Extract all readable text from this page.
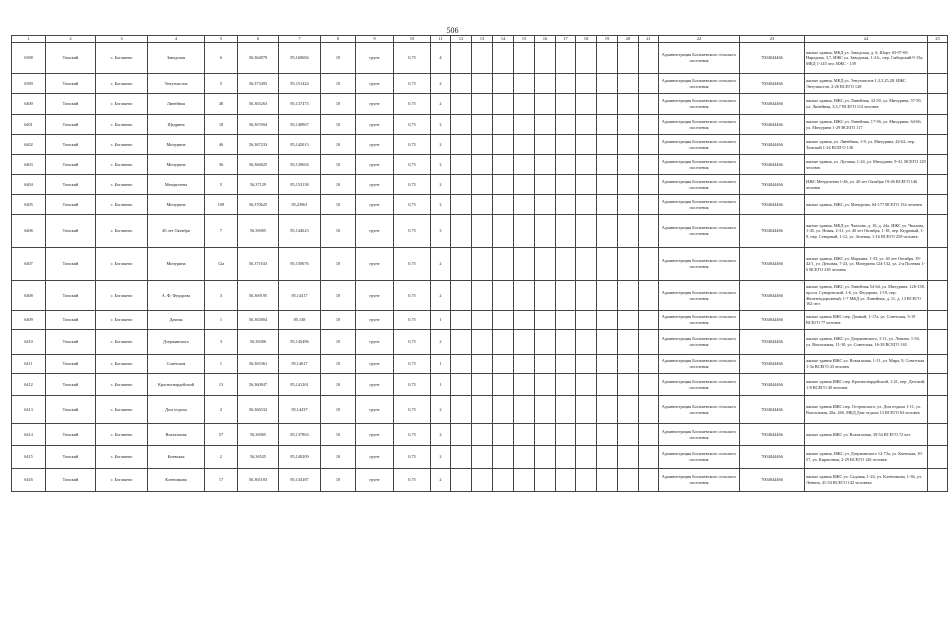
506
1	2	3	4	5	6	7	8	9	10	11	12	13	14	15	16	17	18	19	20	21	22	23	24	25
6398	Томский	с. Богашево	Заводская	6	56,364879	85,160684	10	грунт	0,75	4											Администрация Богашевского сельского поселения	7004044466	жилые здания, МКД ул. Заводская, д. 6, Шорт, 65-97-69. Народная, 3,7, ИЖС ул. Заводская, 1-21с, пер. Сибирский 9-15а, МКД 1-145 чел. ИЖС - 139	
6399	Томский	с. Богашево	Энтузиастов	5	56,373495	85,151424	10	грунт	0,75	2											Администрация Богашевского сельского поселения	7004044466	жилые здания, МКД ул. Энтузиастов 1,3,5,25,28. ИЖС Энтузиастов, 2-26 ВСЕГО 128	
6400	Томский	с. Богашево	Линейная	48	56,365263	85,137473	10	грунт	0,75	2											Администрация Богашевского сельского поселения	7004044466	жилые здания, ИЖС ул. Линейная, 32-50, ул. Мичурина, 57-59, ул. Линейная, 3,5,7 ВСЕГО 114 человек	
6401	Томский	с. Богашево	Щедрина	18	56,367694	85,148967	10	грунт	0,75	2											Администрация Богашевского сельского поселения	7004044466	жилые здания, ИЖС ул. Линейная, 17-56, ул. Мичурина, 64-66, ул. Мичурина 1-29 ВСЕГО 117	
6402	Томский	с. Богашево	Мичурина	46	56,367233	85,142013	10	грунт	0,75	2											Администрация Богашевского сельского поселения	7004044466	жилые здания, ул. Линейная, 1-9, ул. Мичурина, 42-62, пер. Томский 1-24 ВСЕГО 138	
6403	Томский	с. Богашево	Мичурина	36	56,366825	85,139604	10	грунт	0,75	2											Администрация Богашевского сельского поселения	7004044466	жилые здания, ул. Луговая, 1-24, ул. Мичурина, 9-41, ВСЕГО 129 человек	
6404	Томский	с. Богашево	Мендилеева	5	56,37129	85,153138	10	грунт	0,75	2											Администрация Богашевского сельского поселения	7004044466	ИЖС Менделеева 1-46, ул. 40 лет Октября 19-46 ВСЕГО 146 человек	
6405	Томский	с. Богашево	Мичурина	108	56,370625	85,23961	10	грунт	0,75	2											Администрация Богашевского сельского поселения	7004044466	жилые здания, ИЖС ул. Мичурина, 64-177 ВСЕГО 154 человек	
6406	Томский	с. Богашево	40 лет Октября	7	56,36905	85,144623	10	грунт	0,75	3											Администрация Богашевского сельского поселения	7004044466	жилые здания, МКД ул. Чкалова, д. 10, д. 24а, ИЖС ул. Чкалова, 1-45, ул. Новая, 2-31, ул. 40 лет Октября, 1-18, пер. Кедровый, 1-9, пер. Северный, 1-12, ул. Зеленая, 1-16 ВСЕГО 258 человек	
6407	Томский	с. Богашево	Мичурина	12а	56,371633	85,150676	10	грунт	0,75	2											Администрация Богашевского сельского поселения	7004044466	жилые здания, ИЖС ул. Марьина, 1-33, ул. 40 лет Октября, 39-42/1, ул. Деповая, 7-23, ул. Мичурина 124-132, ул. 2-я Полевая 1-6 ВСЕГО 238 человек	
6408	Томский	с. Богашево	А. Ф. Федорова	3	56,369195	85,14417	10	грунт	0,75	2											Администрация Богашевского сельского поселения	7004044466	жилые здания, ИЖС ул. Линейная 54-64, ул. Мичурина, 126-138, просп. Суворовский, 1-6, ул. Федорова, 1-19, пер. Железнодорожный, 1-7 МКД ул. Линейная, д. 11, д. 13 ВСЕГО 162 чел	
6409	Томский	с. Богашево	Дачная	1	56,365804	85,148	10	грунт	0,75	1											Администрация Богашевского сельского поселения	7004044466	жилые здания ИЖС пер. Дачный, 1-17а, ул. Советская, 3-19 ВСЕГО 77 человек	
6410	Томский	с. Богашево	Дзержинского	3	56,36306	85,145496	10	грунт	0,75	2											Администрация Богашевского сельского поселения	7004044466	жилые здания, ИЖС ул. Дзержинского, 1-11, ул. Ленина, 1-30, ул. Вокзальная, 11-30, ул. Советская, 16-38 ВСЕГО 165	
6411	Томский	с. Богашево	Советская	1	56,365361	85,14617	10	грунт	0,75	1											Администрация Богашевского сельского поселения	7004044466	жилые здания ИЖС ул. Вокзальная, 1-11, ул. Мира, 9, Советская 1-3а ВСЕГО 43 человек	
6412	Томский	с. Богашево	Красногвардейский	13	56,360847	85,141261	10	грунт	0,75	1											Администрация Богашевского сельского поселения	7004044466	жилые здания ИЖС пер. Красногвардейский, 1-21, пер. Детский, 1-8 ВСЕГО 40 человек	
6413	Томский	с. Богашево	Дом отдыха	2	56,366532	85,14437	10	грунт	0,75	2											Администрация Богашевского сельского поселения	7004044466	жилые здания ИЖС пер. Островского, ул. Дом отдыха 1-11, ул. Вокзальная, 28а, 26б, МКД Дом отдыха 13 ВСЕГО 63 человек	
6414	Томский	с. Богашево	Вокзальная	57	56,36965	85,137863	10	грунт	0,75	2											Администрация Богашевского сельского поселения	7004044466	жилые здания ИЖС ул. Вокзальная, 39-54 ВСЕГО 72 чел	
6415	Томский	с. Богашево	Киевская	2	56,36525	85,140209	10	грунт	0,75	2											Администрация Богашевского сельского поселения	7004044466	жилые здания, ИЖС ул. Дзержинского 12-73а, ул. Киевская, 10-57, ул. Кирпичная, 2-29 ВСЕГО 126 человек	
6416	Томский	с. Богашево	Кленчикова	17	56,365183	85,134187	10	грунт	0,75	2											Администрация Богашевского сельского поселения	7004044466	жилые здания ИЖС ул. Садовая, 1-24, ул. Кленчикова, 1-36, ул. Ленина, 41-54 ВСЕГО 142 человека	
